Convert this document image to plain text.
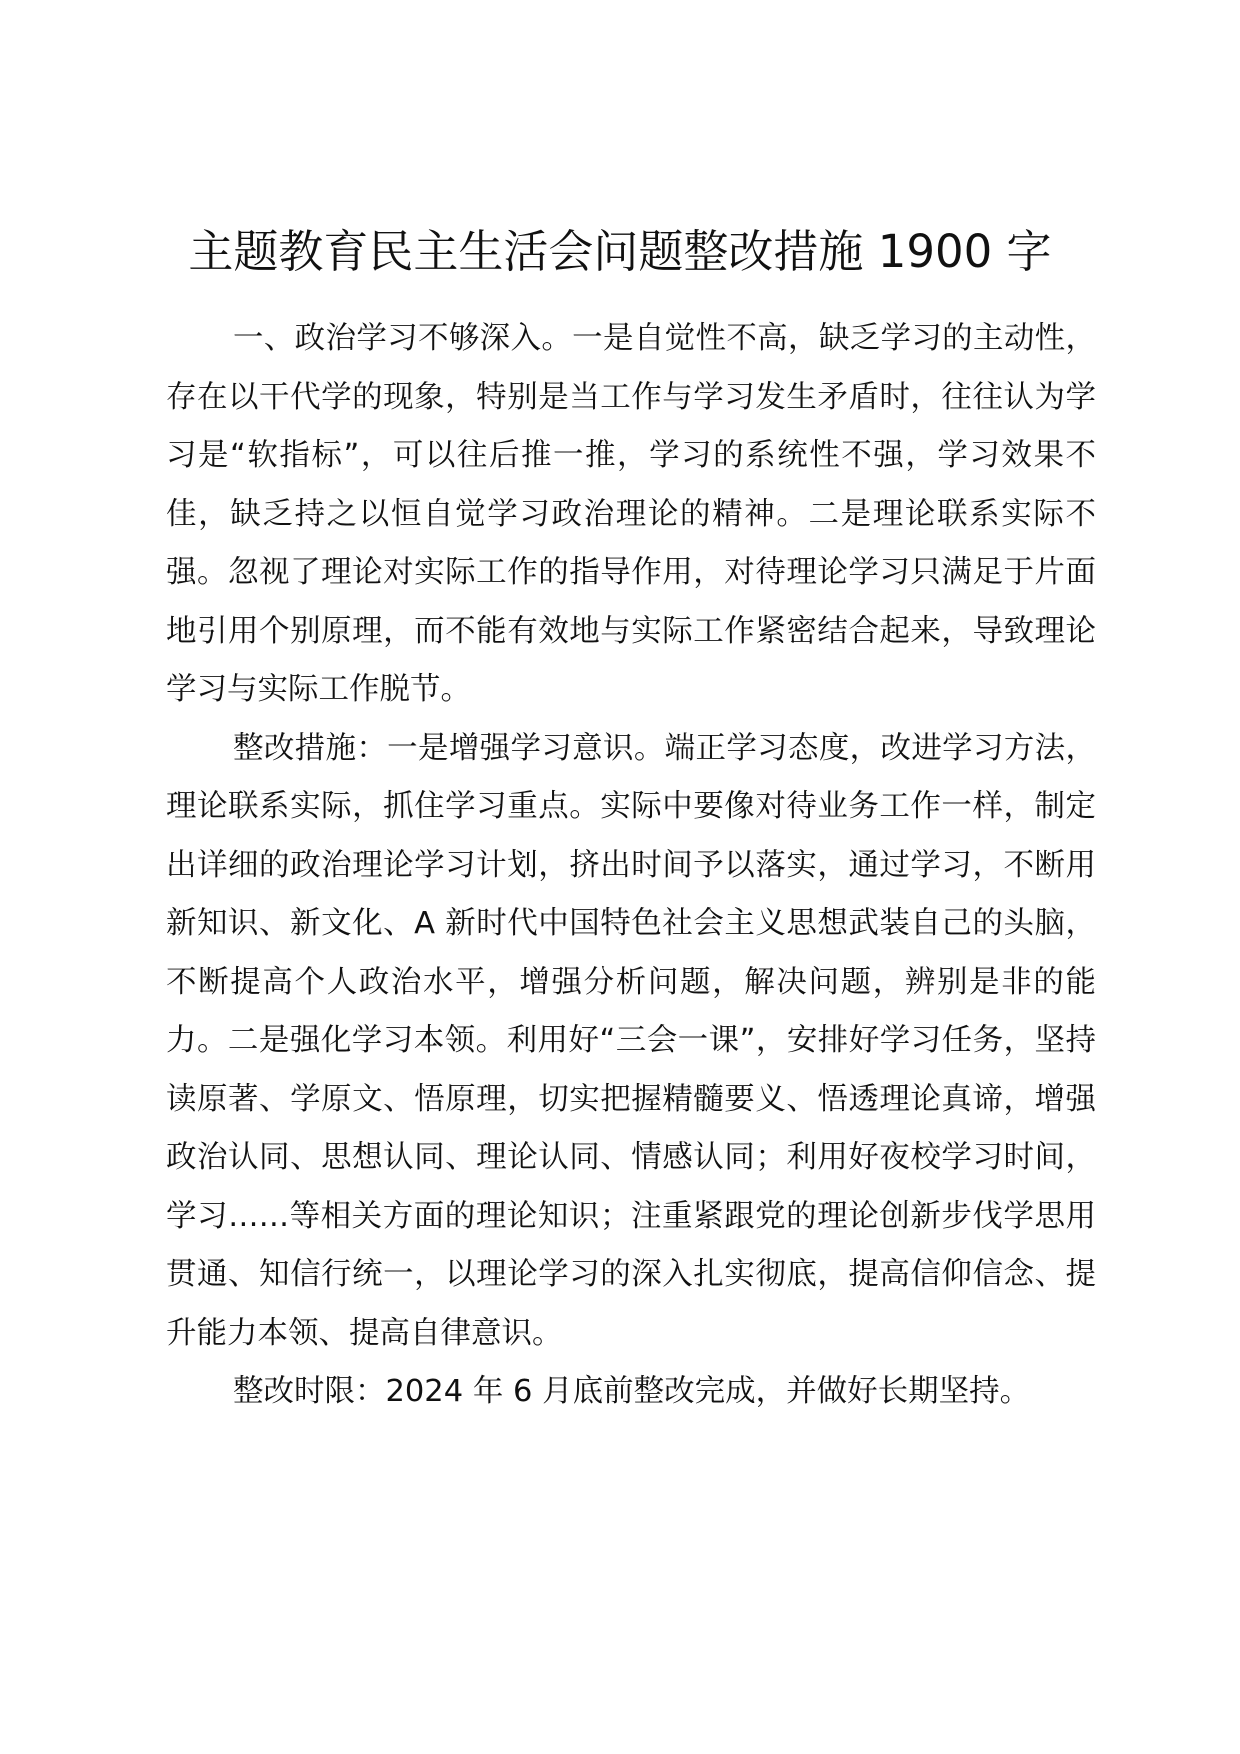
主题教育民主生活会问题整改措施 1900 字

一、政治学习不够深入。一是自觉性不高，缺乏学习的主动性，存在以干代学的现象，特别是当工作与学习发生矛盾时，往往认为学习是“软指标”，可以往后推一推，学习的系统性不强，学习效果不佳，缺乏持之以恒自觉学习政治理论的精神。二是理论联系实际不强。忽视了理论对实际工作的指导作用，对待理论学习只满足于片面地引用个别原理，而不能有效地与实际工作紧密结合起来，导致理论学习与实际工作脱节。

整改措施：一是增强学习意识。端正学习态度，改进学习方法，理论联系实际，抓住学习重点。实际中要像对待业务工作一样，制定出详细的政治理论学习计划，挤出时间予以落实，通过学习，不断用新知识、新文化、A 新时代中国特色社会主义思想武装自己的头脑，不断提高个人政治水平，增强分析问题，解决问题，辨别是非的能力。二是强化学习本领。利用好“三会一课”，安排好学习任务，坚持读原著、学原文、悟原理，切实把握精髓要义、悟透理论真谛，增强政治认同、思想认同、理论认同、情感认同；利用好夜校学习时间，学习……等相关方面的理论知识；注重紧跟党的理论创新步伐学思用贯通、知信行统一，以理论学习的深入扎实彻底，提高信仰信念、提升能力本领、提高自律意识。

整改时限：2024 年 6 月底前整改完成，并做好长期坚持。
